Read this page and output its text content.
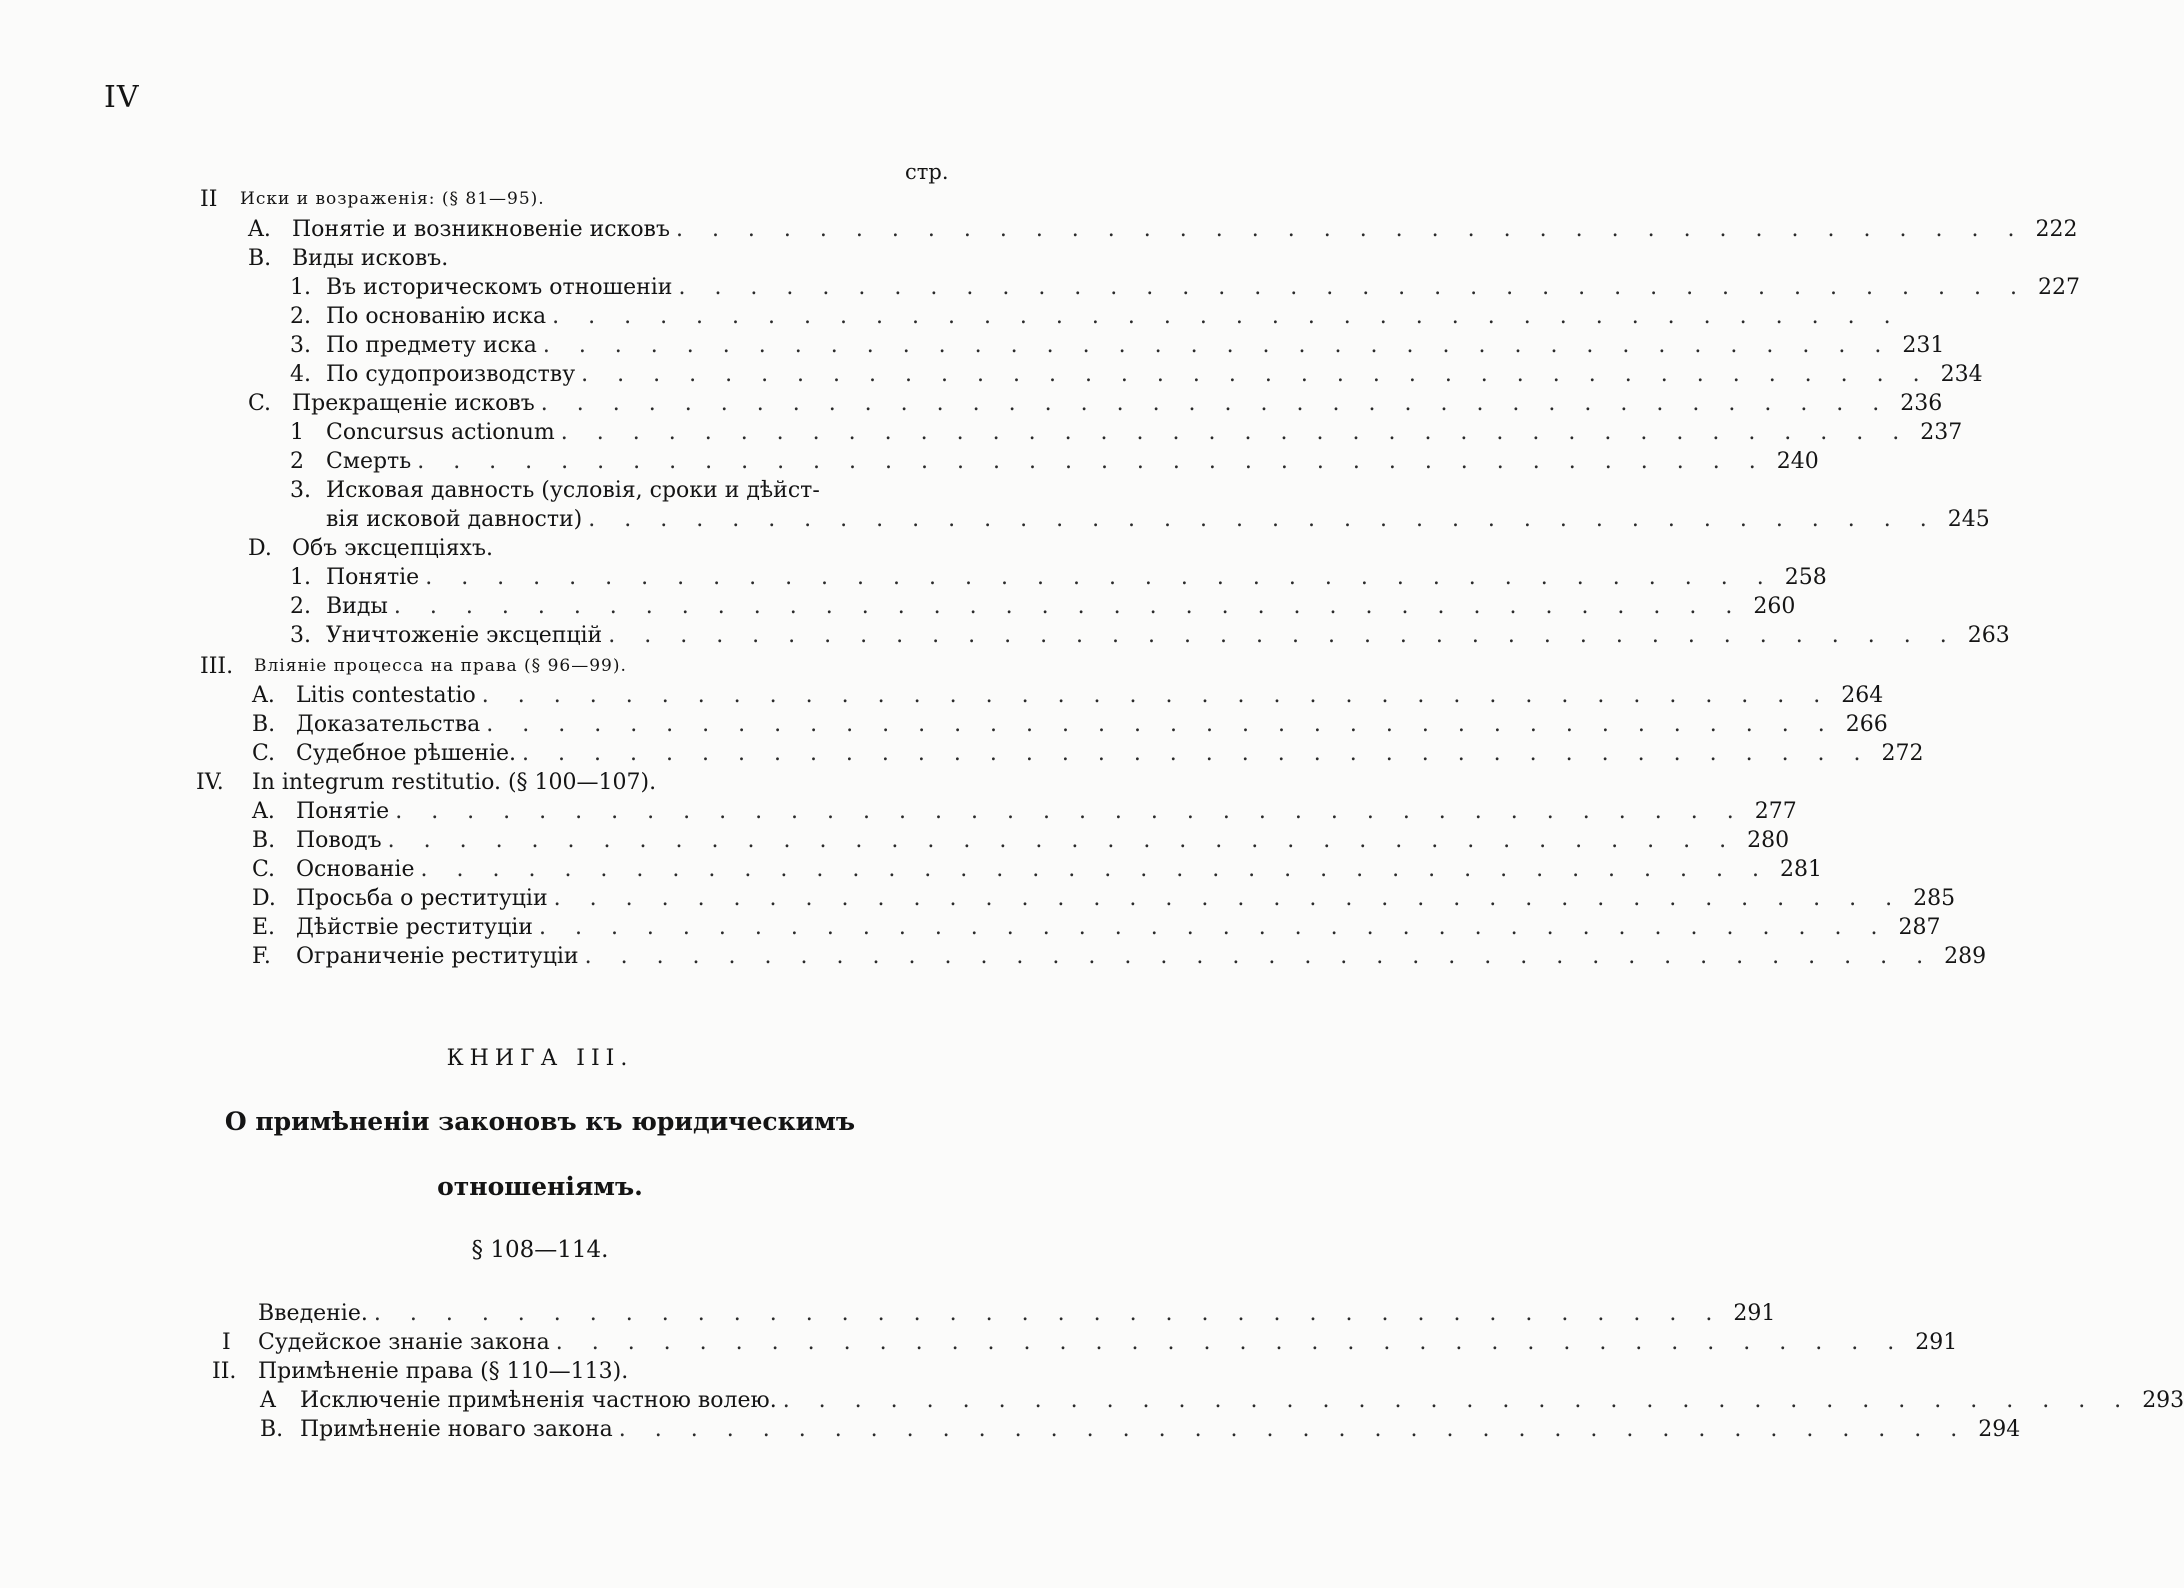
IV
стр.
II	Иски и возраженія: (§ 81—95).
A. Понятіе и возникновеніе исковъ . . . . . . . . . . . . . . . . . . . . . . . . . . . . . . . . . . . . . . 222
B. Виды исковъ.
1. Въ историческомъ отношеніи . . . . . . . . . . . . . . . . . . . . . . . . . . . . . . . . . . . . . . 227
2. По основанію иска . . . . . . . . . . . . . . . . . . . . . . . . . . . . . . . . . . . . . .
3. По предмету иска . . . . . . . . . . . . . . . . . . . . . . . . . . . . . . . . . . . . . . 231
4. По судопроизводству . . . . . . . . . . . . . . . . . . . . . . . . . . . . . . . . . . . . . . 234
C. Прекращеніе исковъ . . . . . . . . . . . . . . . . . . . . . . . . . . . . . . . . . . . . . . 236
1	Concursus actionum . . . . . . . . . . . . . . . . . . . . . . . . . . . . . . . . . . . . . . 237
2	Смерть . . . . . . . . . . . . . . . . . . . . . . . . . . . . . . . . . . . . . . 240
3. Исковая давность (условія, сроки и дѣйст-
вія исковой давности) . . . . . . . . . . . . . . . . . . . . . . . . . . . . . . . . . . . . . . 245
D. Объ эксцепціяхъ.
1. Понятіе . . . . . . . . . . . . . . . . . . . . . . . . . . . . . . . . . . . . . . 258
2. Виды . . . . . . . . . . . . . . . . . . . . . . . . . . . . . . . . . . . . . . 260
3. Уничтоженіе эксцепцій . . . . . . . . . . . . . . . . . . . . . . . . . . . . . . . . . . . . . . 263
III.	Вліяніе процесса на права (§ 96—99).
A. Litis contestatio . . . . . . . . . . . . . . . . . . . . . . . . . . . . . . . . . . . . . . 264
B. Доказательства . . . . . . . . . . . . . . . . . . . . . . . . . . . . . . . . . . . . . . 266
C. Судебное рѣшеніе. . . . . . . . . . . . . . . . . . . . . . . . . . . . . . . . . . . . . . . 272
IV.	In integrum restitutio. (§ 100—107).
A. Понятіе . . . . . . . . . . . . . . . . . . . . . . . . . . . . . . . . . . . . . . 277
B. Поводъ . . . . . . . . . . . . . . . . . . . . . . . . . . . . . . . . . . . . . . 280
C. Основаніе . . . . . . . . . . . . . . . . . . . . . . . . . . . . . . . . . . . . . . 281
D. Просьба о реституціи . . . . . . . . . . . . . . . . . . . . . . . . . . . . . . . . . . . . . . 285
E. Дѣйствіе реституціи . . . . . . . . . . . . . . . . . . . . . . . . . . . . . . . . . . . . . . 287
F.	Ограниченіе реституціи . . . . . . . . . . . . . . . . . . . . . . . . . . . . . . . . . . . . . . 289
КНИГА III.
О примѣненіи законовъ къ юридическимъ
отношеніямъ.
§ 108—114.
Введеніе. . . . . . . . . . . . . . . . . . . . . . . . . . . . . . . . . . . . . . . 291
I	Судейское знаніе закона . . . . . . . . . . . . . . . . . . . . . . . . . . . . . . . . . . . . . . 291
II. Примѣненіе права (§ 110—113).
A	Исключеніе примѣненія частною волею. . . . . . . . . . . . . . . . . . . . . . . . . . . . . . . . . . . . . . . 293
B. Примѣненіе новаго закона . . . . . . . . . . . . . . . . . . . . . . . . . . . . . . . . . . . . . . 294
